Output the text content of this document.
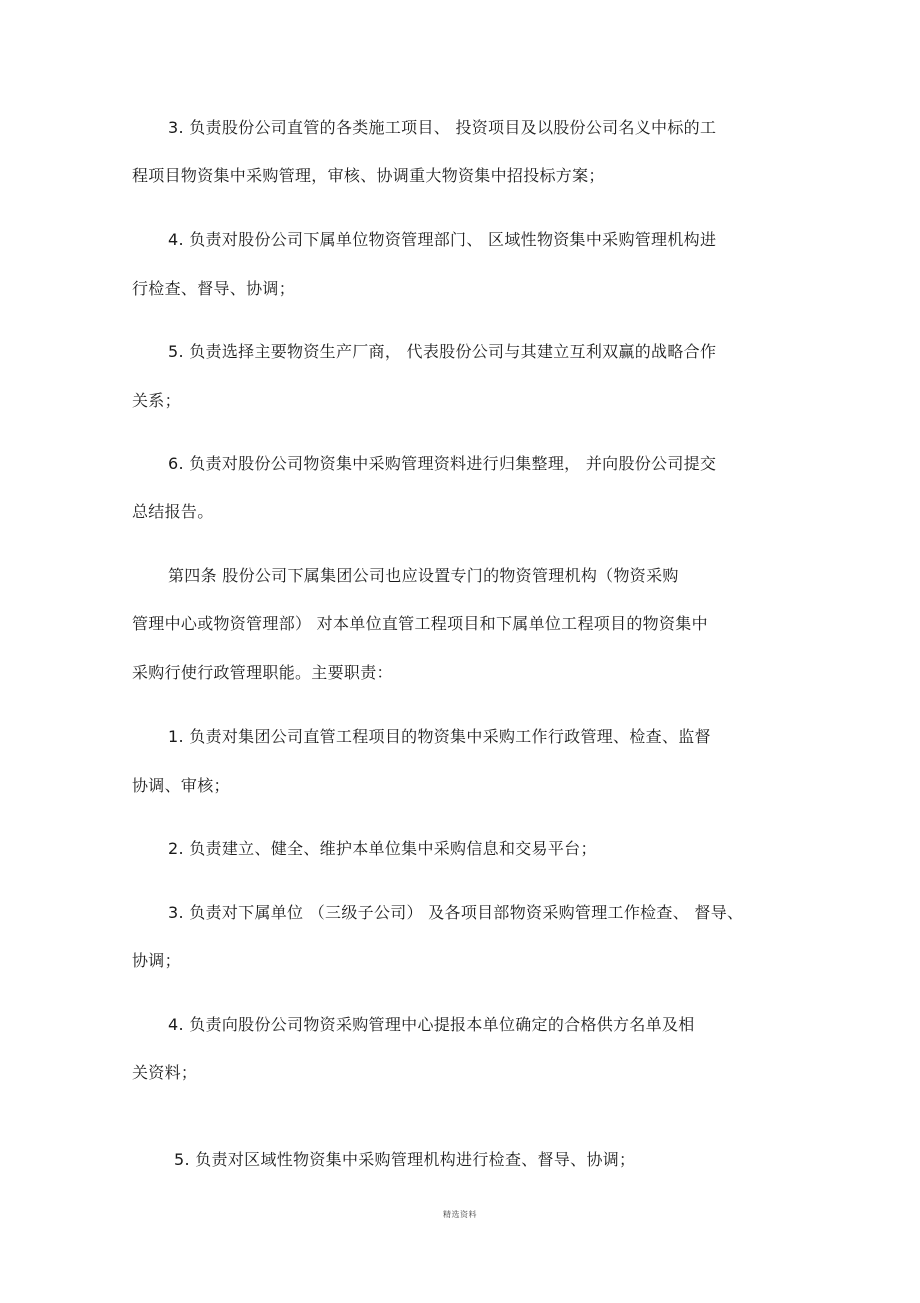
3. 负责股份公司直管的各类施工项目、 投资项目及以股份公司名义中标的工
程项目物资集中采购管理，审核、协调重大物资集中招投标方案；
4. 负责对股份公司下属单位物资管理部门、 区域性物资集中采购管理机构进
行检查、督导、协调；
5. 负责选择主要物资生产厂商， 代表股份公司与其建立互利双赢的战略合作
关系；
6. 负责对股份公司物资集中采购管理资料进行归集整理， 并向股份公司提交
总结报告。
第四条 股份公司下属集团公司也应设置专门的物资管理机构（物资采购
管理中心或物资管理部） 对本单位直管工程项目和下属单位工程项目的物资集中
采购行使行政管理职能。主要职责：
1. 负责对集团公司直管工程项目的物资集中采购工作行政管理、检查、监督
协调、审核；
2. 负责建立、健全、维护本单位集中采购信息和交易平台；
3. 负责对下属单位 （三级子公司） 及各项目部物资采购管理工作检查、 督导、
协调；
4. 负责向股份公司物资采购管理中心提报本单位确定的合格供方名单及相
关资料；
5. 负责对区域性物资集中采购管理机构进行检查、督导、协调；
精选资料
